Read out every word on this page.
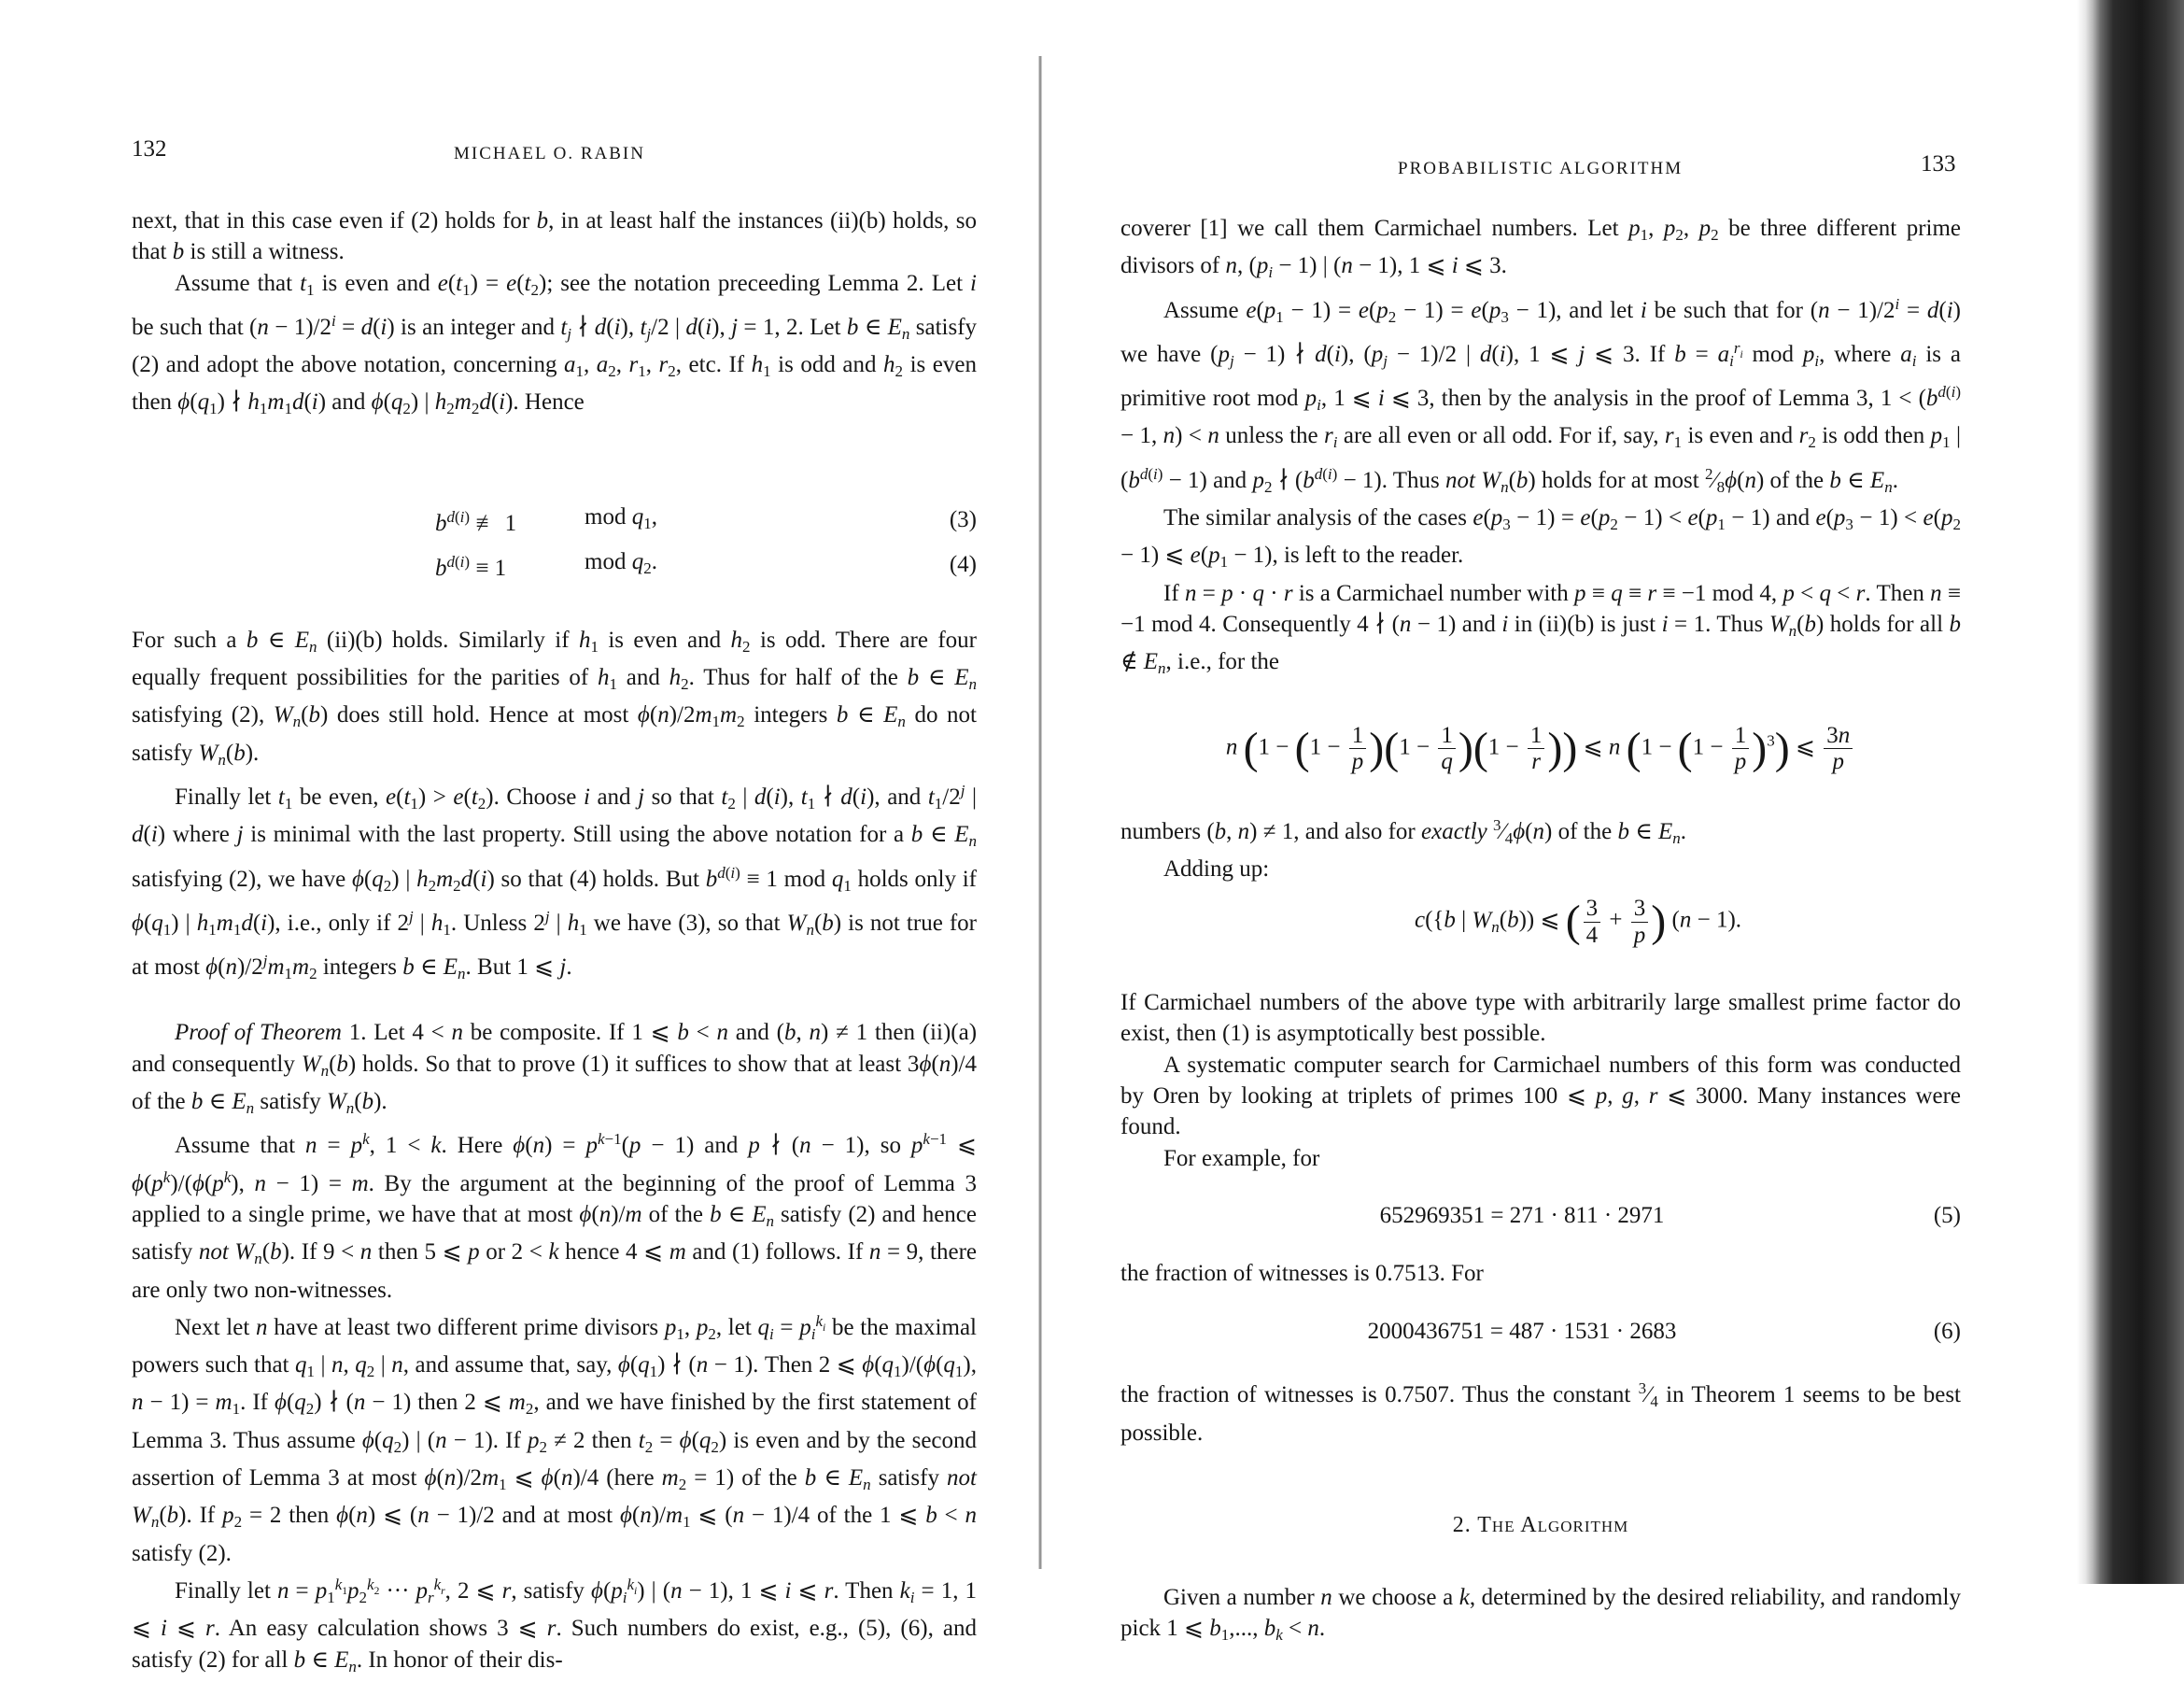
132	MICHAEL O. RABIN

next, that in this case even if (2) holds for b, in at least half the instances (ii)(b) holds, so that b is still a witness.

Assume that $t_1$ is even and $e(t_1) = e(t_2)$; see the notation preceeding Lemma 2. Let i be such that $(n - 1)/2^i = d(i)$ is an integer and $t_j$ ∤ d(i), $t_j/2$ | d(i), j = 1, 2. Let b ∈ $E_n$ satisfy (2) and adopt the above notation, concerning $a_1$, $a_2$, $r_1$, $r_2$, etc. If $h_1$ is odd and $h_2$ is even then $\phi(q_1)$ ∤ $h_1m_1d(i)$ and $\phi(q_2)$ | $h_2m_2d(i)$. Hence

$b^{d(i)}$ ≢ 1	mod $q_1$,	(3)
$b^{d(i)} \equiv 1$	mod $q_2$.	(4)

For such a b ∈ $E_n$ (ii)(b) holds. Similarly if $h_1$ is even and $h_2$ is odd. There are four equally frequent possibilities for the parities of $h_1$ and $h_2$. Thus for half of the b ∈ $E_n$ satisfying (2), $W_n(b)$ does still hold. Hence at most $\phi(n)/2m_1m_2$ integers b ∈ $E_n$ do not satisfy $W_n(b)$.

Finally let $t_1$ be even, $e(t_1) > e(t_2)$. Choose i and j so that $t_2$ | d(i), $t_1$ ∤ d(i), and $t_1/2^j$ | d(i) where j is minimal with the last property. Still using the above notation for a b ∈ $E_n$ satisfying (2), we have $\phi(q_2)$ | $h_2m_2d(i)$ so that (4) holds. But $b^{d(i)} \equiv 1$ mod $q_1$ holds only if $\phi(q_1)$ | $h_1m_1d(i)$, i.e., only if 2$^j$ | $h_1$. Unless 2$^j$ | $h_1$ we have (3), so that $W_n(b)$ is not true for at most $\phi(n)/2^jm_1m_2$ integers b ∈ $E_n$. But 1 ⩽ j.

Proof of Theorem 1. Let 4 < n be composite. If 1 ⩽ b < n and (b, n) ≠ 1 then (ii)(a) and consequently $W_n(b)$ holds. So that to prove (1) it suffices to show that at least 3ϕ(n)/4 of the b ∈ $E_n$ satisfy $W_n(b)$.

Assume that $n = p^k$, 1 < k. Here $\phi(n) = p^{k-1}(p - 1)$ and p ∤ (n − 1), so $p^{k-1}$ ⩽ $\phi(p^k)/(\phi(p^k)$, n − 1) = m. By the argument at the beginning of the proof of Lemma 3 applied to a single prime, we have that at most ϕ(n)/m of the b ∈ $E_n$ satisfy (2) and hence satisfy not $W_n(b)$. If 9 < n then 5 ⩽ p or 2 < k hence 4 ⩽ m and (1) follows. If n = 9, there are only two non-witnesses.

Next let n have at least two different prime divisors $p_1$, $p_2$, let $q_i = p_i^{k_i}$ be the maximal powers such that $q_1$ | n, $q_2$ | n, and assume that, say, $\phi(q_1)$ ∤ (n − 1). Then 2 ⩽ $\phi(q_1)/(\phi(q_1)$, $n - 1) = m_1$. If $\phi(q_2)$ ∤ (n − 1) then 2 ⩽ $m_2$, and we have finished by the first statement of Lemma 3. Thus assume $\phi(q_2)$ | (n − 1). If $p_2 \ne 2$ then $t_2 = \phi(q_2)$ is even and by the second assertion of Lemma 3 at most $\phi(n)/2m_1$ ⩽ ϕ(n)/4 (here $m_2 = 1$) of the b ∈ $E_n$ satisfy not $W_n(b)$. If $p_2 = 2$ then ϕ(n) ⩽ (n − 1)/2 and at most $\phi(n)/m_1$ ⩽ (n − 1)/4 of the 1 ⩽ b < n satisfy (2).

Finally let $n = p_1^{k_1}p_2^{k_2}$ ··· $p_r^{k_r}$, 2 ⩽ r, satisfy $\phi(p_i^{k_i})$ | (n − 1), 1 ⩽ i ⩽ r. Then $k_i = 1$, 1 ⩽ i ⩽ r. An easy calculation shows 3 ⩽ r. Such numbers do exist, e.g., (5), (6), and satisfy (2) for all b ∈ $E_n$. In honor of their dis-

PROBABILISTIC ALGORITHM	133

coverer [1] we call them Carmichael numbers. Let $p_1$, $p_2$, $p_2$ be three different prime divisors of n, $(p_i - 1)$ | (n − 1), 1 ⩽ i ⩽ 3.

Assume $e(p_1 - 1) = e(p_2 - 1) = e(p_3 - 1)$, and let i be such that for $(n - 1)/2^i = d(i)$ we have $(p_j - 1)$ ∤ d(i), $(p_j - 1)/2$ | d(i), 1 ⩽ j ⩽ 3. If $b = a_i^{r_i}$ mod $p_i$, where $a_i$ is a primitive root mod $p_i$, 1 ⩽ i ⩽ 3, then by the analysis in the proof of Lemma 3, $1 < (b^{d(i)} - 1$, n) < n unless the $r_i$ are all even or all odd. For if, say, $r_1$ is even and $r_2$ is odd then $p_1$ | $(b^{d(i)} - 1)$ and $p_2$ ∤ $(b^{d(i)} - 1)$. Thus not $W_n(b)$ holds for at most $^2⁄_8\phi(n)$ of the b ∈ $E_n$.

The similar analysis of the cases $e(p_3 - 1) = e(p_2 - 1) < e(p_1 - 1)$ and $e(p_3 - 1) < e(p_2 - 1)$ ⩽ $e(p_1 - 1)$, is left to the reader.

If n = p · q · r is a Carmichael number with p ≡ q ≡ r ≡ −1 mod 4, p < q < r. Then n ≡ −1 mod 4. Consequently 4 ∤ (n − 1) and i in (ii)(b) is just i = 1. Thus $W_n(b)$ holds for all b ∉ $E_n$, i.e., for the

n ($1 - (1 - \frac{1}{p} )(1 - \frac{1}{q} )(1 - \frac{1}{r}$ )) ⩽ n $(1 - (1 - \frac{1}{p} )^3)$ ⩽ $\frac{3n}{p}$

numbers (b, n) ≠ 1, and also for exactly $^3⁄_4\phi(n)$ of the b ∈ $E_n$.

Adding up:

c({b | $W_n(b)$) ⩽ ( $\frac{3}{4} + \frac{3}{p}$ ) (n − 1).

If Carmichael numbers of the above type with arbitrarily large smallest prime factor do exist, then (1) is asymptotically best possible.

A systematic computer search for Carmichael numbers of this form was conducted by Oren by looking at triplets of primes 100 ⩽ p, g, r ⩽ 3000. Many instances were found.

For example, for

652969351 = 271 · 811 · 2971	(5)

the fraction of witnesses is 0.7513. For

2000436751 = 487 · 1531 · 2683	(6)

the fraction of witnesses is 0.7507. Thus the constant $^3⁄_4$ in Theorem 1 seems to be best possible.

2. The Algorithm

Given a number n we choose a k, determined by the desired reliability, and randomly pick 1 ⩽ $b_1$,..., $b_k < n$.
